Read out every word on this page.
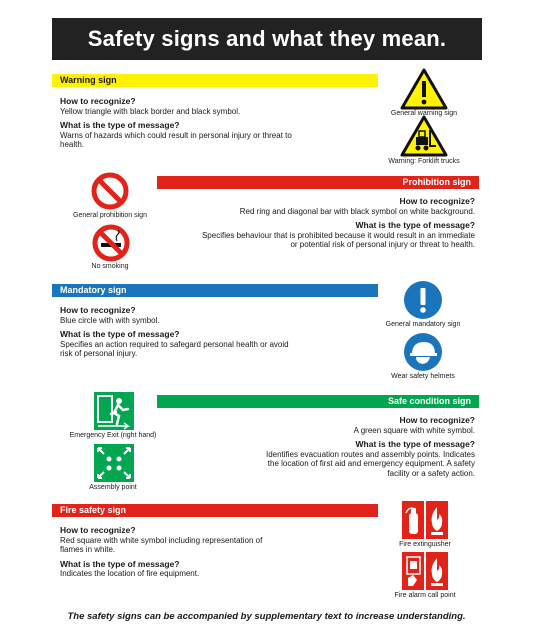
Safety signs and what they mean.
Warning sign
How to recognize?
Yellow triangle with black border and black symbol.
What is the type of message?
Warns of hazards which could result in personal injury or threat to health.
General warning sign
Warning: Forklift trucks
Prohibition sign
How to recognize?
Red ring and diagonal bar with black symbol on white background.
What is the type of message?
Specifies behaviour that is prohibited because it would result in an immediate or potential risk of personal injury or threat to health.
General prohibition sign
No smoking
Mandatory sign
How to recognize?
Blue circle with with symbol.
What is the type of message?
Specifies an action required to safegard personal health or avoid risk of personal injury.
General mandatory sign
Wear safety helmets
Safe condition sign
How to recognize?
A green square with white symbol.
What is the type of message?
Identifies evacuation routes and assembly points. Indicates the location of first aid and emergency equipment. A safety facility or a safety action.
Emergency Exit (right hand)
Assembly point
Fire safety sign
How to recognize?
Red square with white symbol including representation of flames in white.
What is the type of message?
Indicates the location of fire equipment.
Fire extinguisher
Fire alarm call point
The safety signs can be accompanied by supplementary text to increase understanding.
